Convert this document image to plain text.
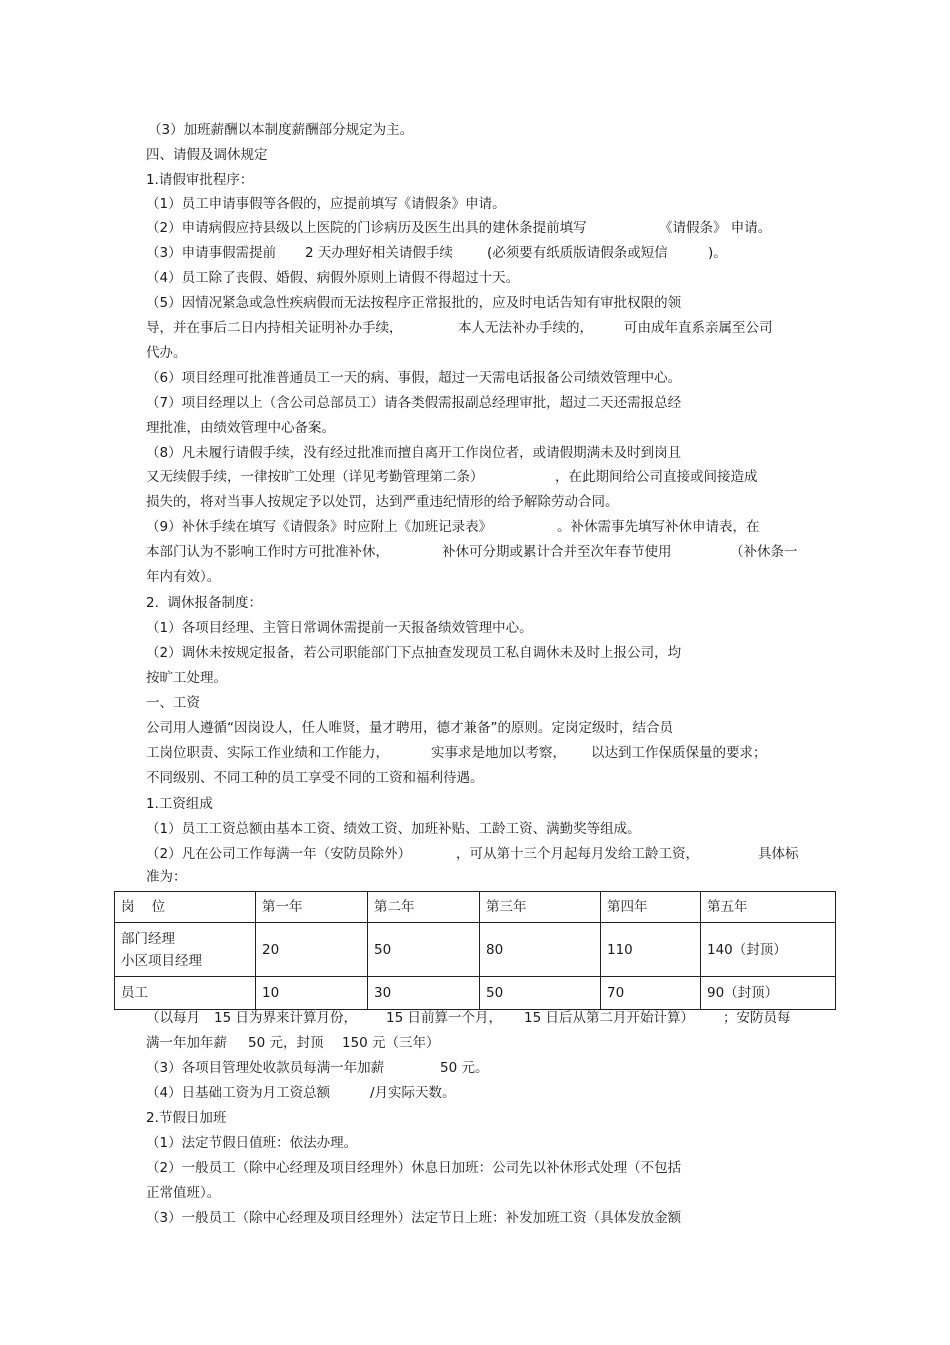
（3）加班薪酬以本制度薪酬部分规定为主。
四、请假及调休规定
1.请假审批程序：
（1）员工申请事假等各假的，应提前填写《请假条》申请。
（2）申请病假应持县级以上医院的门诊病历及医生出具的建休条提前填写	《请假条》 申请。
（3）申请事假需提前 2 天办理好相关请假手续	(必须要有纸质版请假条或短信	)。
（4）员工除了丧假、婚假、病假外原则上请假不得超过十天。
（5）因情况紧急或急性疾病假而无法按程序正常报批的，应及时电话告知有审批权限的领
导，并在事后二日内持相关证明补办手续，	本人无法补办手续的， 可由成年直系亲属至公司
代办。
（6）项目经理可批准普通员工一天的病、事假，超过一天需电话报备公司绩效管理中心。
（7）项目经理以上（含公司总部员工）请各类假需报副总经理审批，超过二天还需报总经
理批准，由绩效管理中心备案。
（8）凡未履行请假手续，没有经过批准而擅自离开工作岗位者，或请假期满未及时到岗且
又无续假手续，一律按旷工处理（详见考勤管理第二条）	，在此期间给公司直接或间接造成
损失的，将对当事人按规定予以处罚，达到严重违纪情形的给予解除劳动合同。
（9）补休手续在填写《请假条》时应附上《加班记录表》	。补休需事先填写补休申请表，在
本部门认为不影响工作时方可批准补休，	补休可分期或累计合并至次年春节使用	（补休条一
年内有效）。
2.  调休报备制度：
（1）各项目经理、主管日常调休需提前一天报备绩效管理中心。
（2）调休未按规定报备，若公司职能部门下点抽查发现员工私自调休未及时上报公司，均
按旷工处理。
一、工资
公司用人遵循“因岗设人，任人唯贤，量才聘用，德才兼备”的原则。定岗定级时，结合员
工岗位职责、实际工作业绩和工作能力，	实事求是地加以考察， 以达到工作保质保量的要求；
不同级别、不同工种的员工享受不同的工资和福利待遇。
1.工资组成
（1）员工工资总额由基本工资、绩效工资、加班补贴、工龄工资、满勤奖等组成。
（2）凡在公司工作每满一年（安防员除外）	，可从第十三个月起每月发给工龄工资，	具体标
准为：
岗    位	第一年	第二年	第三年	第四年	第五年
部门经理
小区项目经理	20	50	80	110	140（封顶）
员工	10	30	50	70	90（封顶）
（以每月 15 日为界来计算月份， 15 日前算一个月， 15 日后从第二月开始计算） ；安防员每
满一年加年薪 50 元，封顶 150 元（三年）
（3）各项目管理处收款员每满一年加薪	50 元。
（4）日基础工资为月工资总额	/月实际天数。
2.节假日加班
（1）法定节假日值班：依法办理。
（2）一般员工（除中心经理及项目经理外）休息日加班：公司先以补休形式处理（不包括
正常值班）。
（3）一般员工（除中心经理及项目经理外）法定节日上班：补发加班工资（具体发放金额
